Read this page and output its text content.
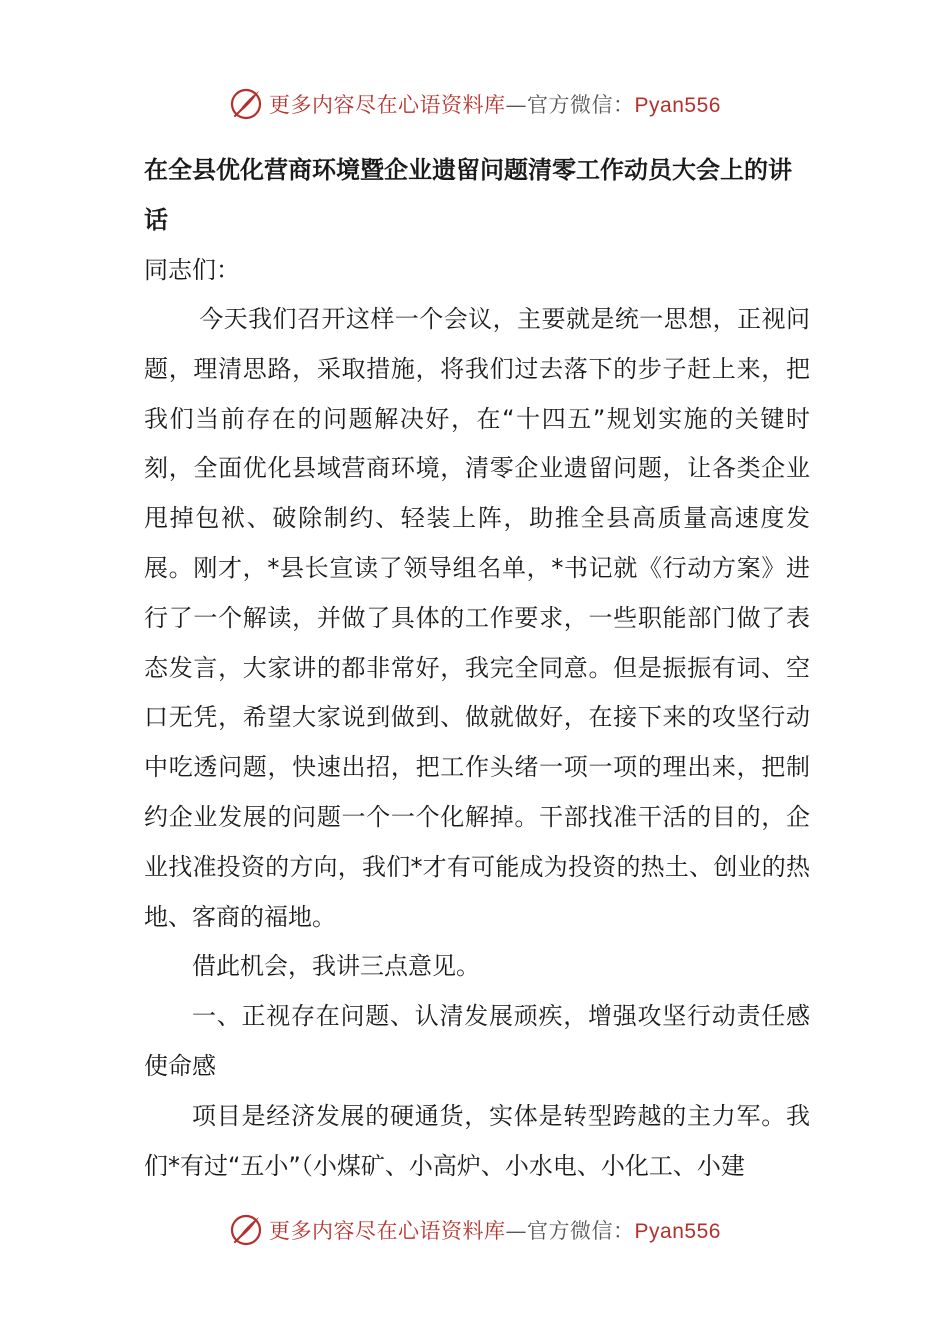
更多内容尽在心语资料库—官方微信：Pyan556
在全县优化营商环境暨企业遗留问题清零工作动员大会上的讲话

同志们：

今天我们召开这样一个会议，主要就是统一思想，正视问题，理清思路，采取措施，将我们过去落下的步子赶上来，把我们当前存在的问题解决好，在“十四五”规划实施的关键时刻，全面优化县域营商环境，清零企业遗留问题，让各类企业甩掉包袱、破除制约、轻装上阵，助推全县高质量高速度发展。刚才，*县长宣读了领导组名单，*书记就《行动方案》进行了一个解读，并做了具体的工作要求，一些职能部门做了表态发言，大家讲的都非常好，我完全同意。但是振振有词、空口无凭，希望大家说到做到、做就做好，在接下来的攻坚行动中吃透问题，快速出招，把工作头绪一项一项的理出来，把制约企业发展的问题一个一个化解掉。干部找准干活的目的，企业找准投资的方向，我们*才有可能成为投资的热土、创业的热地、客商的福地。

借此机会，我讲三点意见。

一、正视存在问题、认清发展顽疾，增强攻坚行动责任感使命感

项目是经济发展的硬通货，实体是转型跨越的主力军。我们*有过“五小”（小煤矿、小高炉、小水电、小化工、小建

更多内容尽在心语资料库—官方微信：Pyan556
